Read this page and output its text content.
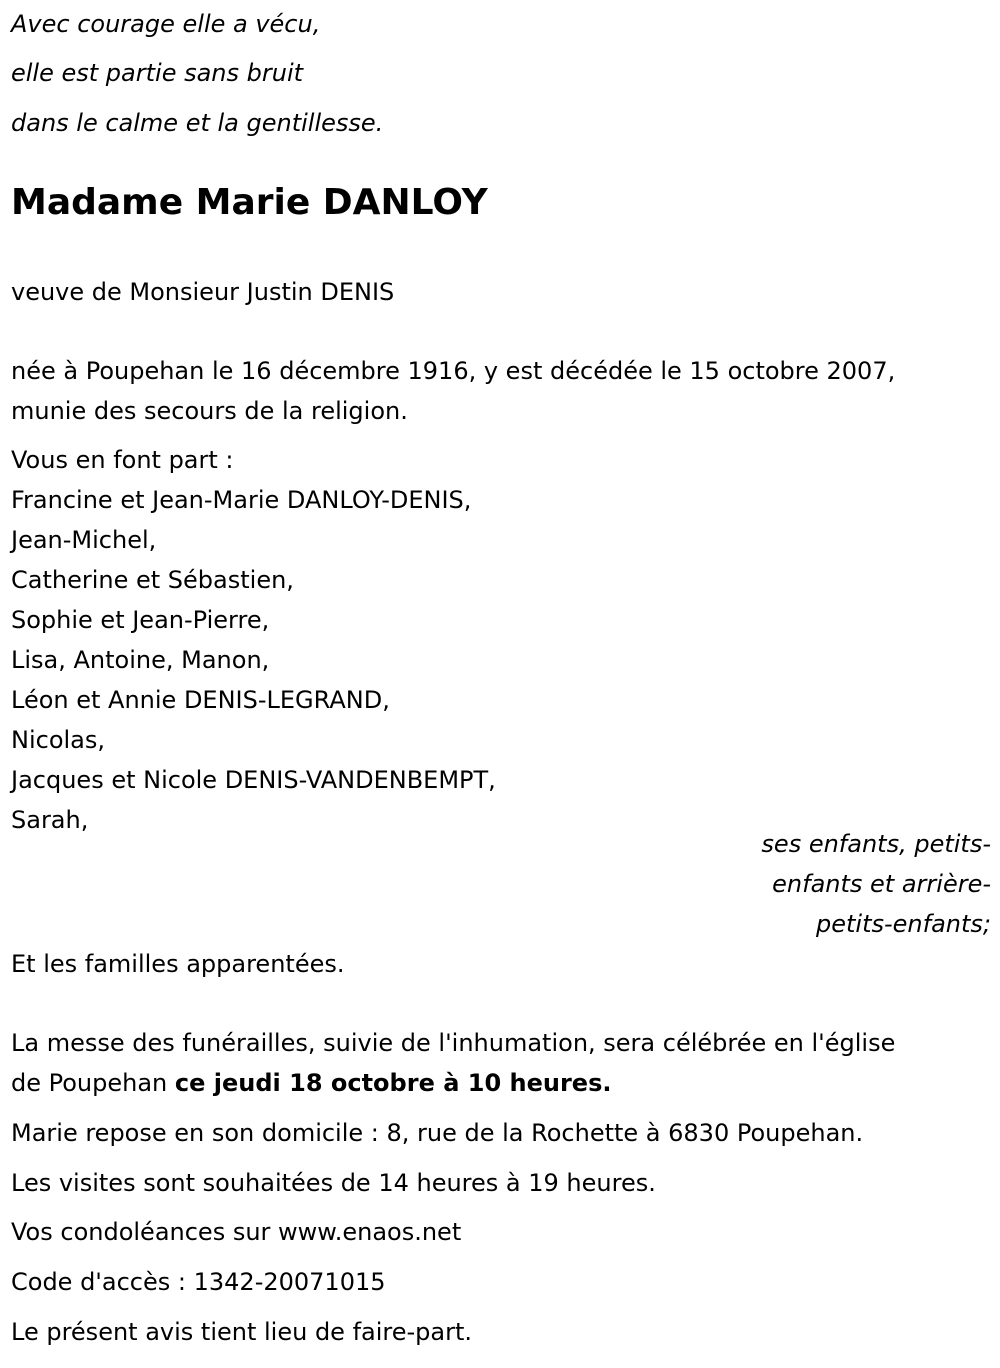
Avec courage elle a vécu,
elle est partie sans bruit
dans le calme et la gentillesse.
Madame Marie DANLOY
veuve de Monsieur Justin DENIS
née à Poupehan le 16 décembre 1916, y est décédée le 15 octobre 2007,
munie des secours de la religion.
Vous en font part :
Francine et Jean-Marie DANLOY-DENIS,
Jean-Michel,
Catherine et Sébastien,
Sophie et Jean-Pierre,
Lisa, Antoine, Manon,
Léon et Annie DENIS-LEGRAND,
Nicolas,
Jacques et Nicole DENIS-VANDENBEMPT,
Sarah,
ses enfants, petits-
enfants et arrière-
petits-enfants;
Et les familles apparentées.
La messe des funérailles, suivie de l'inhumation, sera célébrée en l'église
de Poupehan ce jeudi 18 octobre à 10 heures.
Marie repose en son domicile : 8, rue de la Rochette à 6830 Poupehan.
Les visites sont souhaitées de 14 heures à 19 heures.
Vos condoléances sur www.enaos.net
Code d'accès : 1342-20071015
Le présent avis tient lieu de faire-part.
